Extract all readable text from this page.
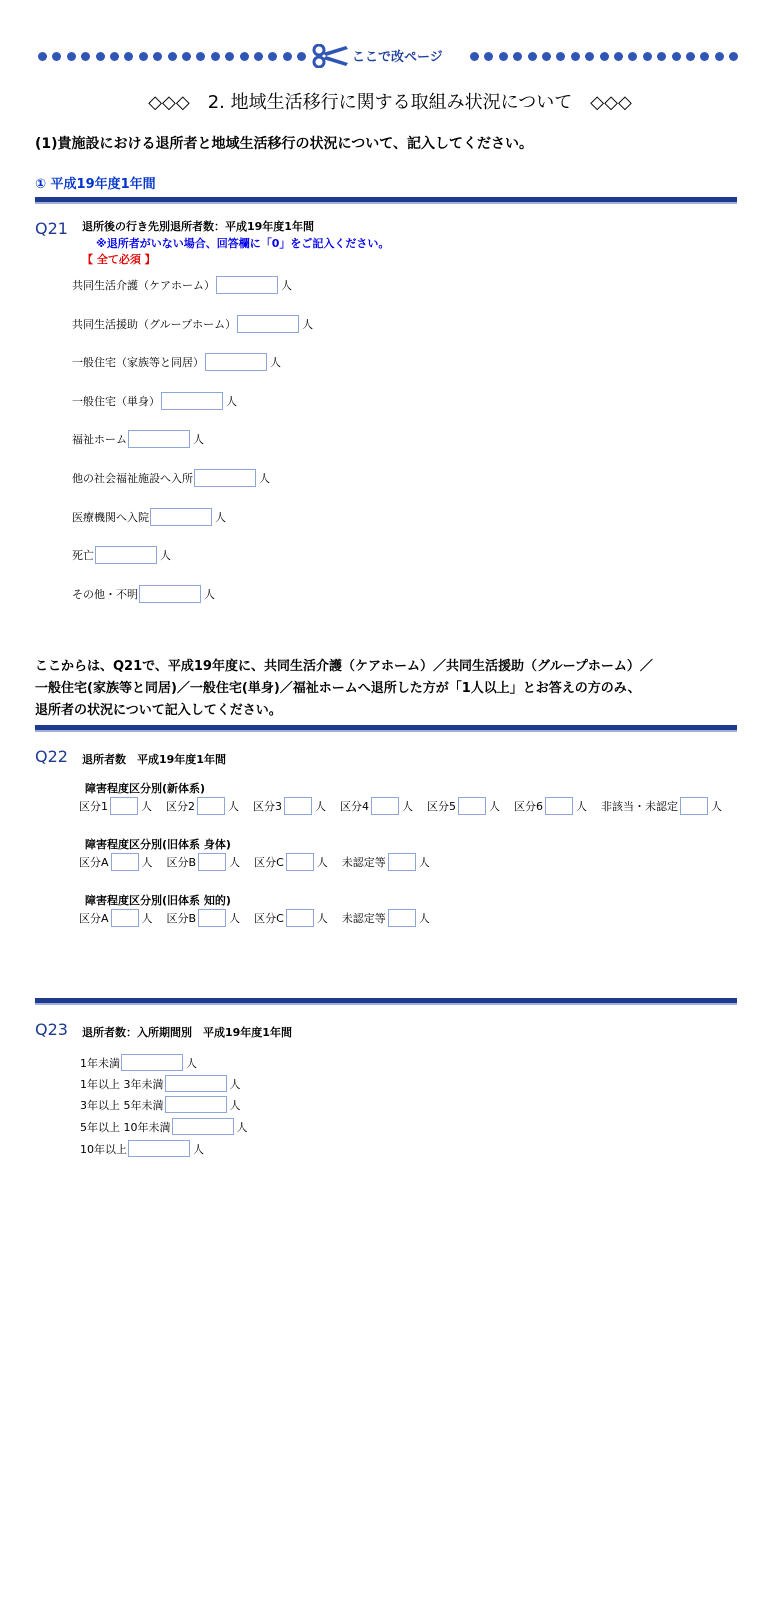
ここで改ページ
◇◇◇　2. 地域生活移行に関する取組み状況について　◇◇◇
(1)貴施設における退所者と地域生活移行の状況について、記入してください。
① 平成19年度1年間
Q21 退所後の行き先別退所者数：平成19年度1年間
※退所者がいない場合、回答欄に「0」をご記入ください。
【 全て必須 】
共同生活介護（ケアホーム）	人
共同生活援助（グループホーム）	人
一般住宅（家族等と同居）	人
一般住宅（単身）	人
福祉ホーム	人
他の社会福祉施設へ入所	人
医療機関へ入院	人
死亡	人
その他・不明	人
ここからは、Q21で、平成19年度に、共同生活介護（ケアホーム）／共同生活援助（グループホーム）／
一般住宅(家族等と同居)／一般住宅(単身)／福祉ホームへ退所した方が「1人以上」とお答えの方のみ、
退所者の状況について記入してください。
Q22 退所者数　平成19年度1年間
障害程度区分別(新体系)
区分1	人 区分2	人 区分3	人 区分4	人 区分5	人 区分6	人 非該当・未認定	人
障害程度区分別(旧体系 身体)
区分A	人 区分B	人 区分C	人 未認定等	人
障害程度区分別(旧体系 知的)
区分A	人 区分B	人 区分C	人 未認定等	人
Q23 退所者数：入所期間別　平成19年度1年間
1年未満	人
1年以上 3年未満	人
3年以上 5年未満	人
5年以上 10年未満	人
10年以上	人
